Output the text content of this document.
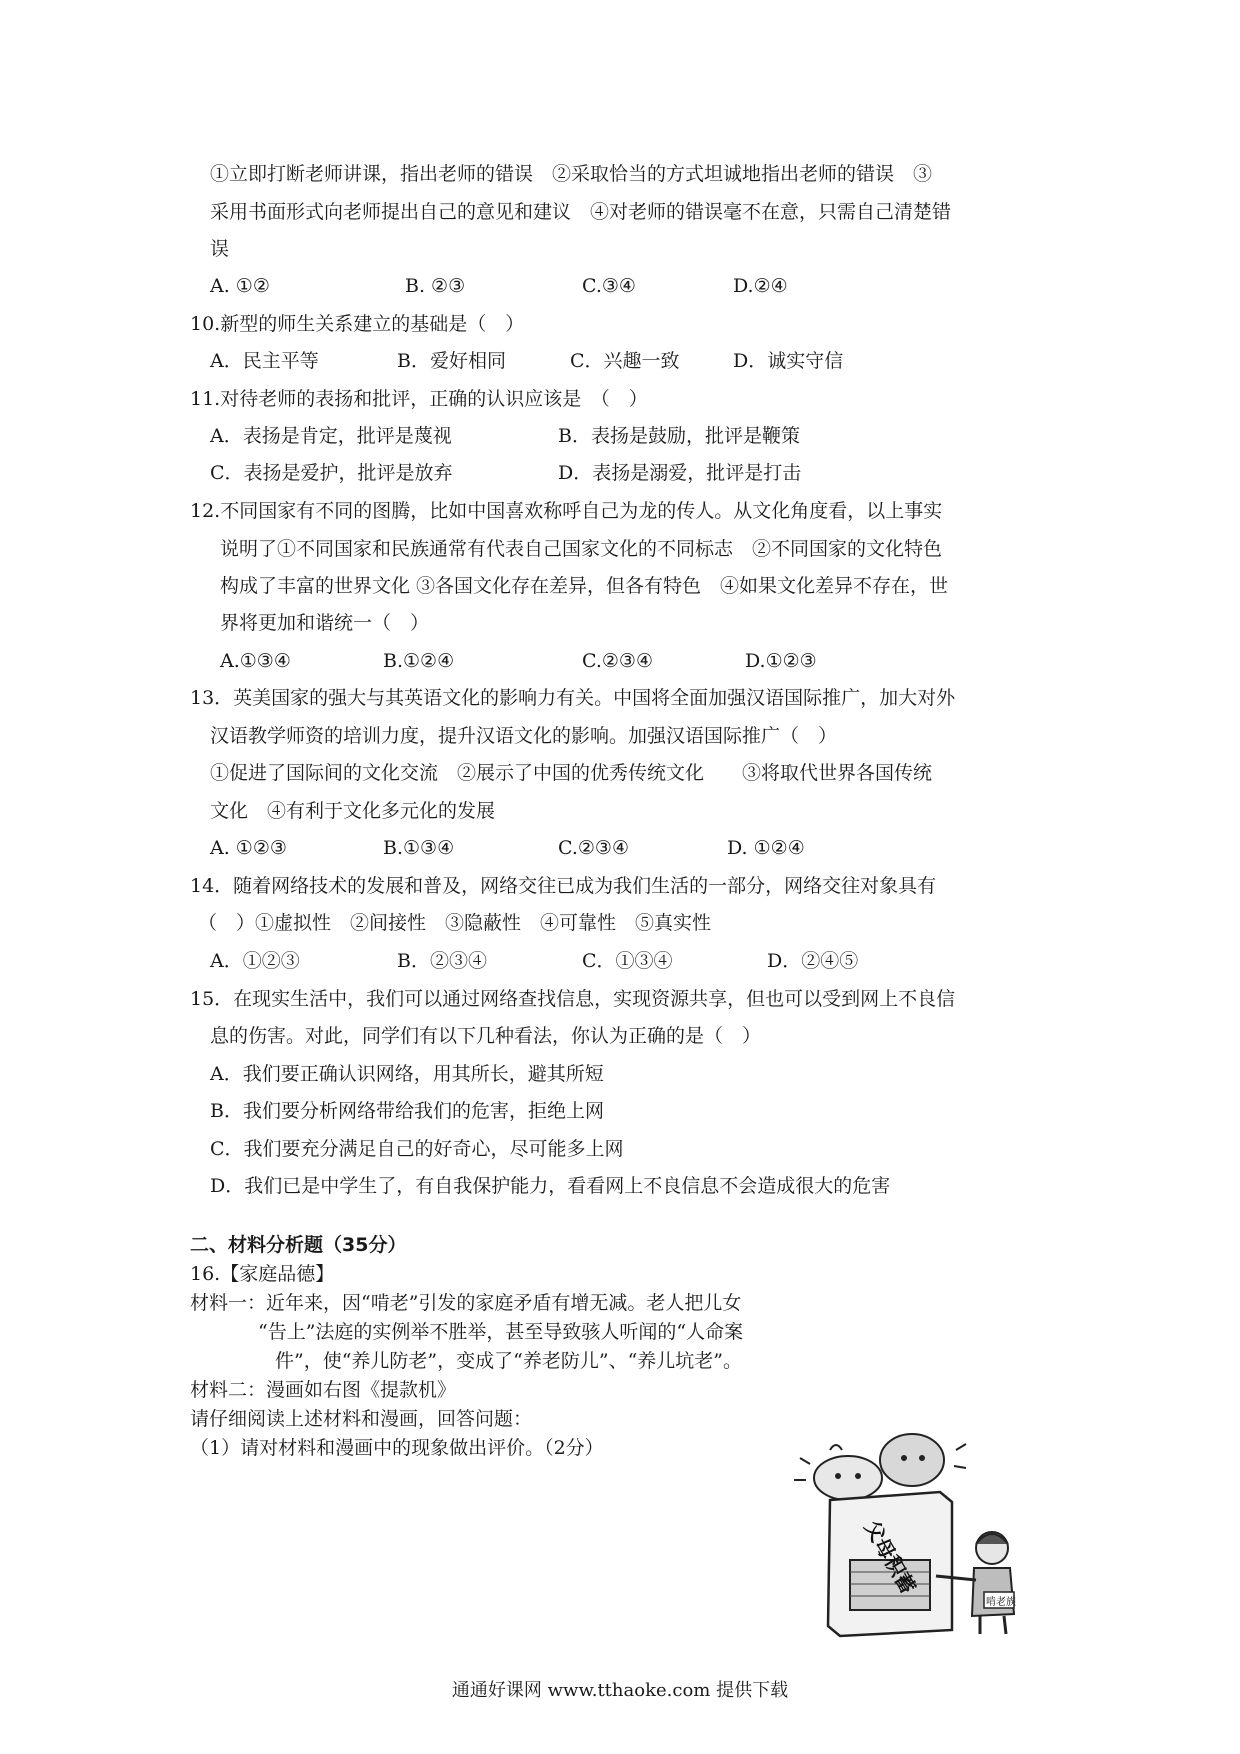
①立即打断老师讲课，指出老师的错误　②采取恰当的方式坦诚地指出老师的错误　③
采用书面形式向老师提出自己的意见和建议　④对老师的错误毫不在意，只需自己清楚错
误
A. ①②	B. ②③	C.③④	D.②④
10.新型的师生关系建立的基础是（　）
A．民主平等	B．爱好相同	C．兴趣一致	D．诚实守信
11.对待老师的表扬和批评，正确的认识应该是　（　）
A．表扬是肯定，批评是蔑视	B．表扬是鼓励，批评是鞭策
C．表扬是爱护，批评是放弃	D．表扬是溺爱，批评是打击
12.不同国家有不同的图腾，比如中国喜欢称呼自己为龙的传人。从文化角度看，以上事实
说明了①不同国家和民族通常有代表自己国家文化的不同标志　②不同国家的文化特色
构成了丰富的世界文化 ③各国文化存在差异，但各有特色　④如果文化差异不存在，世
界将更加和谐统一（　）
A.①③④	B.①②④	C.②③④	D.①②③
13．英美国家的强大与其英语文化的影响力有关。中国将全面加强汉语国际推广，加大对外
汉语教学师资的培训力度，提升汉语文化的影响。加强汉语国际推广（　）
①促进了国际间的文化交流　②展示了中国的优秀传统文化　　③将取代世界各国传统
文化　④有利于文化多元化的发展
A. ①②③	B.①③④	C.②③④	D. ①②④
14．随着网络技术的发展和普及，网络交往已成为我们生活的一部分，网络交往对象具有
（　）①虚拟性　②间接性　③隐蔽性　④可靠性　⑤真实性
A．①②③	B．②③④	C．①③④	D．②④⑤
15．在现实生活中，我们可以通过网络查找信息，实现资源共享，但也可以受到网上不良信
息的伤害。对此，同学们有以下几种看法，你认为正确的是（　）
A．我们要正确认识网络，用其所长，避其所短
B．我们要分析网络带给我们的危害，拒绝上网
C．我们要充分满足自己的好奇心，尽可能多上网
D．我们已是中学生了，有自我保护能力，看看网上不良信息不会造成很大的危害
二、材料分析题（35分）
16.【家庭品德】
材料一：近年来，因“啃老”引发的家庭矛盾有增无减。老人把儿女
“告上”法庭的实例举不胜举，甚至导致骇人听闻的“人命案
件”，使“养儿防老”，变成了“养老防儿”、“养儿坑老”。
材料二：漫画如右图《提款机》
请仔细阅读上述材料和漫画，回答问题：
（1）请对材料和漫画中的现象做出评价。（2分）
父母积蓄
啃老族
通通好课网 www.tthaoke.com 提供下载
